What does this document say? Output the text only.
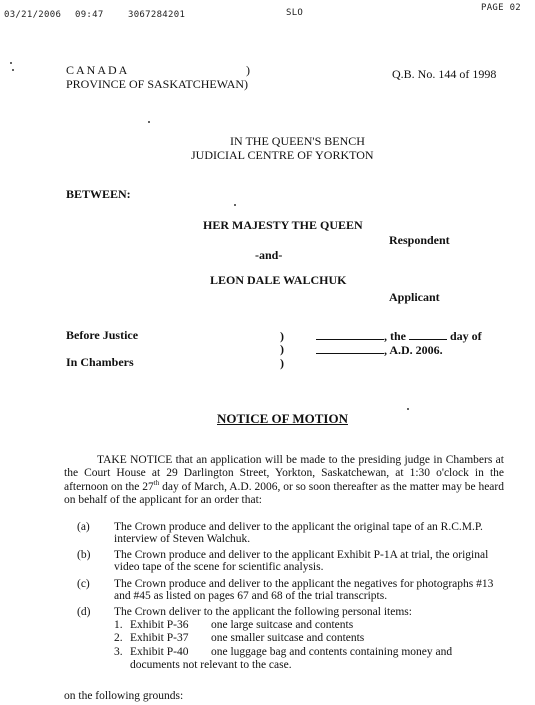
03/21/2006 09:47	3067284201	SLO	PAGE 02
CANADA	)
PROVINCE OF SASKATCHEWAN)
Q.B. No. 144 of 1998
IN THE QUEEN'S BENCH
JUDICIAL CENTRE OF YORKTON
BETWEEN:
HER MAJESTY THE QUEEN
Respondent
-and-
LEON DALE WALCHUK
Applicant
Before Justice
In Chambers
)
)
)
, the	day of
, A.D. 2006.
NOTICE OF MOTION
TAKE NOTICE that an application will be made to the presiding judge in Chambers at the Court House at 29 Darlington Street, Yorkton, Saskatchewan, at 1:30 o'clock in the afternoon on the 27th day of March, A.D. 2006, or so soon thereafter as the matter may be heard on behalf of the applicant for an order that:
(a) The Crown produce and deliver to the applicant the original tape of an R.C.M.P. interview of Steven Walchuk.
(b) The Crown produce and deliver to the applicant Exhibit P-1A at trial, the original video tape of the scene for scientific analysis.
(c) The Crown produce and deliver to the applicant the negatives for photographs #13 and #45 as listed on pages 67 and 68 of the trial transcripts.
(d) The Crown deliver to the applicant the following personal items:
1. Exhibit P-36 one large suitcase and contents
2. Exhibit P-37 one smaller suitcase and contents
3. Exhibit P-40 one luggage bag and contents containing money and
documents not relevant to the case.
on the following grounds:
